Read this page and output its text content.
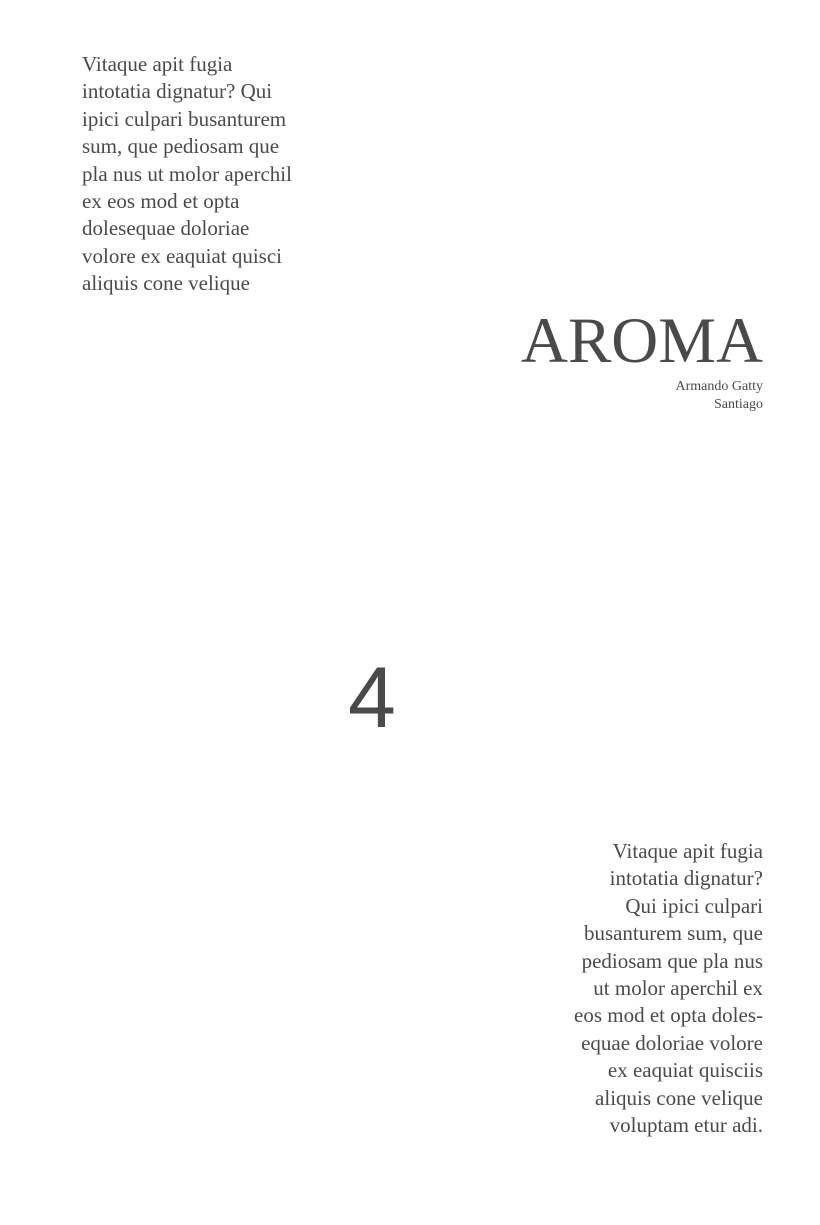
Vitaque apit fugia
intotatia dignatur? Qui
ipici culpari busanturem
sum, que pediosam que
pla nus ut molor aperchil
ex eos mod et opta
dolesequae doloriae
volore ex eaquiat quisci
aliquis cone velique
AROMA
Armando Gatty
Santiago
4
Vitaque apit fugia
intotatia dignatur?
Qui ipici culpari
busanturem sum, que
pediosam que pla nus
ut molor aperchil ex
eos mod et opta doles-
equae doloriae volore
ex eaquiat quisciis
aliquis cone velique
voluptam etur adi.
